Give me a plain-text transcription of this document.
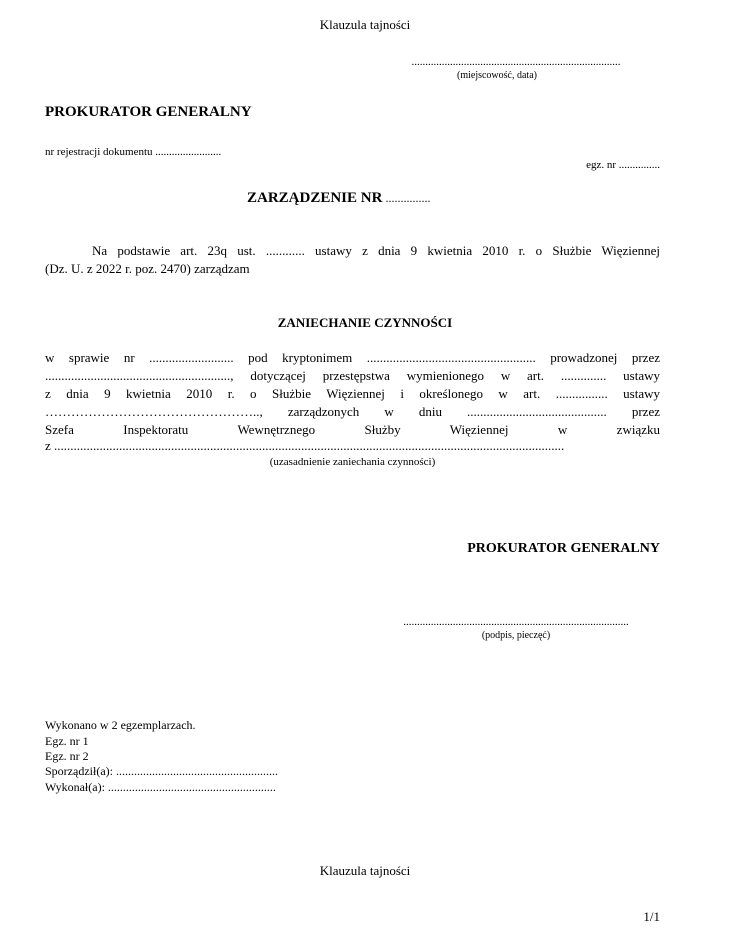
Klauzula tajności
............................................................................
(miejscowość, data)
PROKURATOR GENERALNY
nr rejestracji dokumentu ........................
egz. nr ...............
ZARZĄDZENIE NR ...............
Na podstawie art. 23q ust. ............ ustawy z dnia 9 kwietnia 2010 r. o Służbie Więziennej
(Dz. U. z 2022 r. poz. 2470) zarządzam
ZANIECHANIE CZYNNOŚCI
w sprawie nr .......................... pod kryptonimem .................................................... prowadzonej przez
........................................................., dotyczącej przestępstwa wymienionego w art. .............. ustawy
z dnia 9 kwietnia 2010 r. o Służbie Więziennej i określonego w art. ................ ustawy
………………………………………….., zarządzonych w dniu ........................................... przez
Szefa Inspektoratu Wewnętrznego Służby Więziennej w związku
z .............................................................................................................................................................
(uzasadnienie zaniechania czynności)
PROKURATOR GENERALNY
..................................................................................
(podpis, pieczęć)
Wykonano w 2 egzemplarzach.
Egz. nr 1
Egz. nr 2
Sporządził(a): ......................................................
Wykonał(a): ........................................................
Klauzula tajności
1/1
